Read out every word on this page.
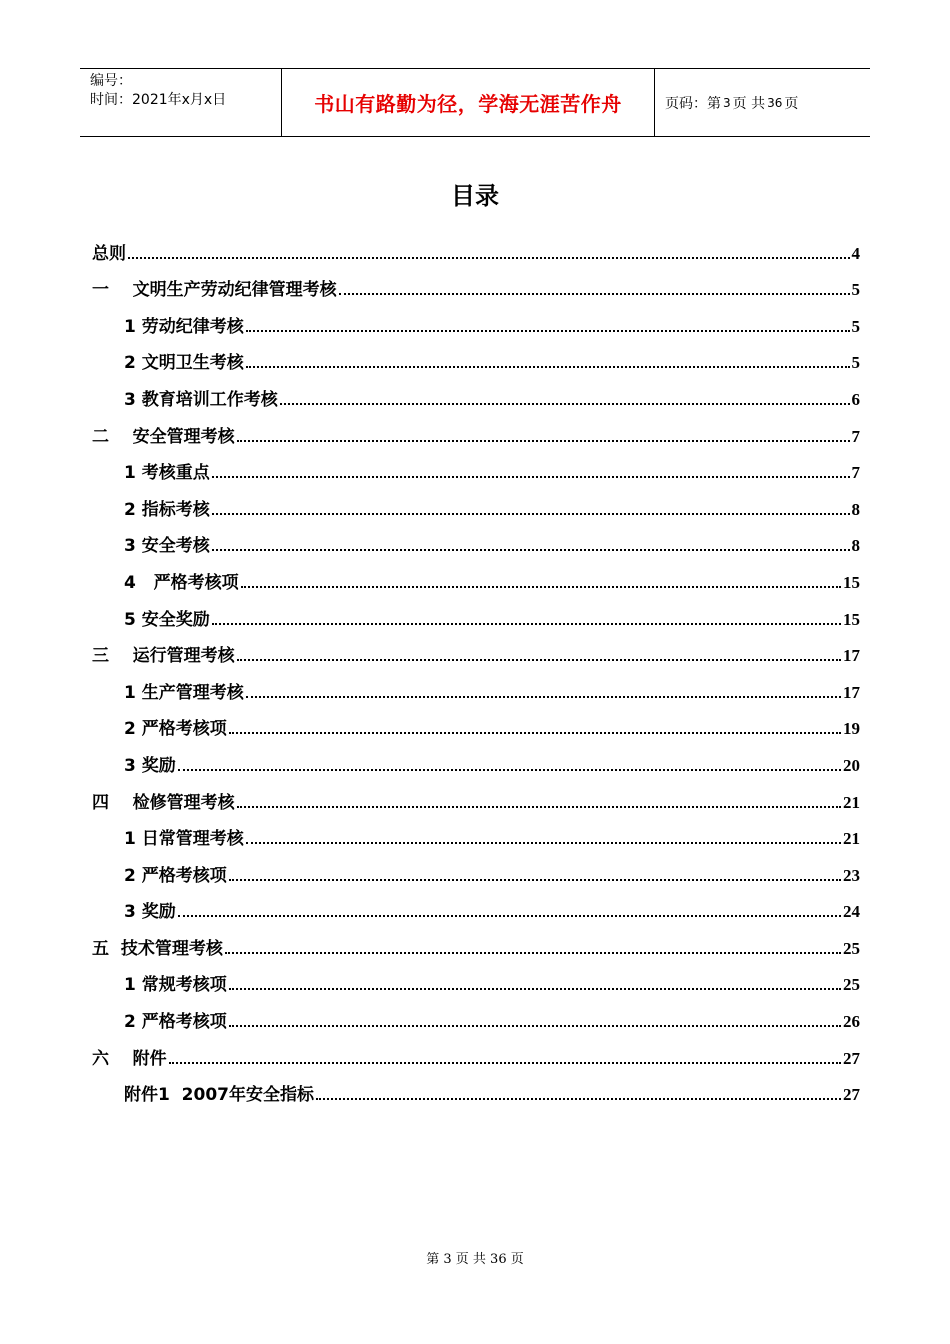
编号：
时间：2021年x月x日	书山有路勤为径，学海无涯苦作舟	页码：第 3 页 共 36 页
目录
总则	4
一    文明生产劳动纪律管理考核	5
1 劳动纪律考核	5
2 文明卫生考核	5
3 教育培训工作考核	6
二    安全管理考核	7
1 考核重点	7
2 指标考核	8
3 安全考核	8
4   严格考核项	15
5 安全奖励	15
三    运行管理考核	17
1 生产管理考核	17
2 严格考核项	19
3 奖励	20
四    检修管理考核	21
1 日常管理考核	21
2 严格考核项	23
3 奖励	24
五  技术管理考核	25
1 常规考核项	25
2 严格考核项	26
六    附件	27
附件1  2007年安全指标	27
第 3 页 共 36 页
